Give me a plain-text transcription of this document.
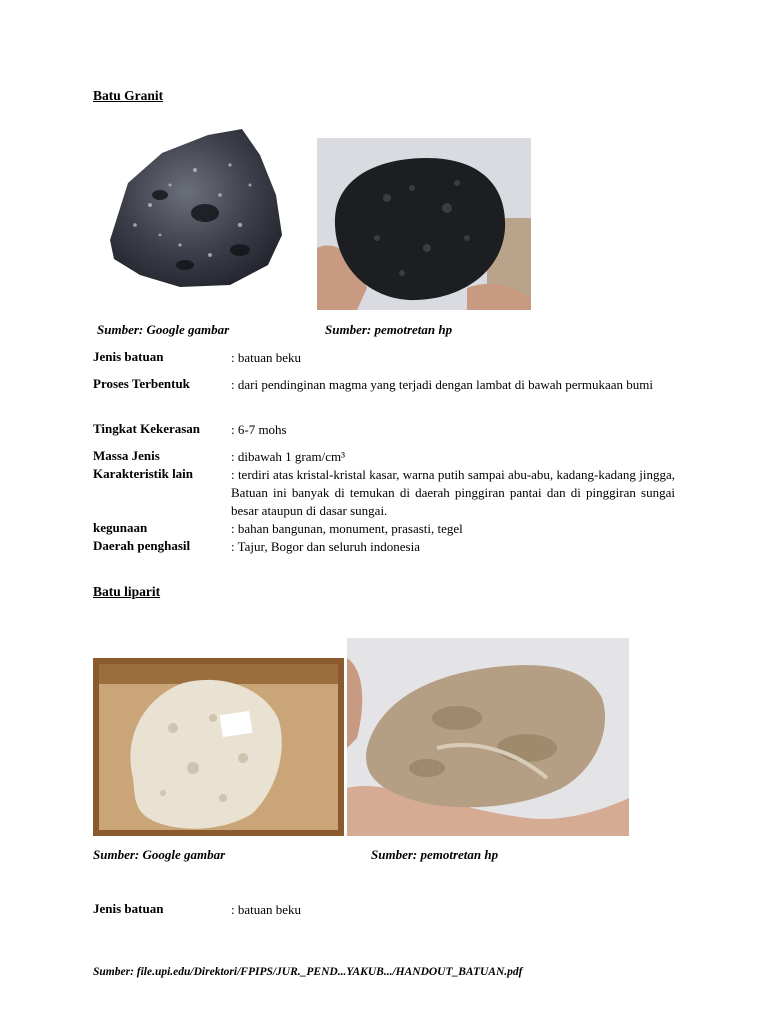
Batu Granit
Sumber: Google gambar	Sumber: pemotretan hp
Jenis batuan	: batuan beku
Proses Terbentuk	: dari pendinginan magma yang terjadi dengan lambat di bawah permukaan bumi
Tingkat Kekerasan : 6-7 mohs
Massa Jenis	: dibawah 1 gram/cm³
Karakteristik lain	: terdiri atas kristal-kristal kasar, warna putih sampai abu-abu, kadang-kadang jingga, Batuan ini banyak di temukan di daerah pinggiran pantai dan di pinggiran sungai besar ataupun di dasar sungai.
kegunaan	: bahan bangunan, monument, prasasti, tegel
Daerah penghasil	: Tajur, Bogor dan seluruh indonesia
Batu liparit
Sumber: Google gambar	Sumber: pemotretan hp
Jenis batuan	: batuan beku
Sumber: file.upi.edu/Direktori/FPIPS/JUR._PEND...YAKUB.../HANDOUT_BATUAN.pdf
